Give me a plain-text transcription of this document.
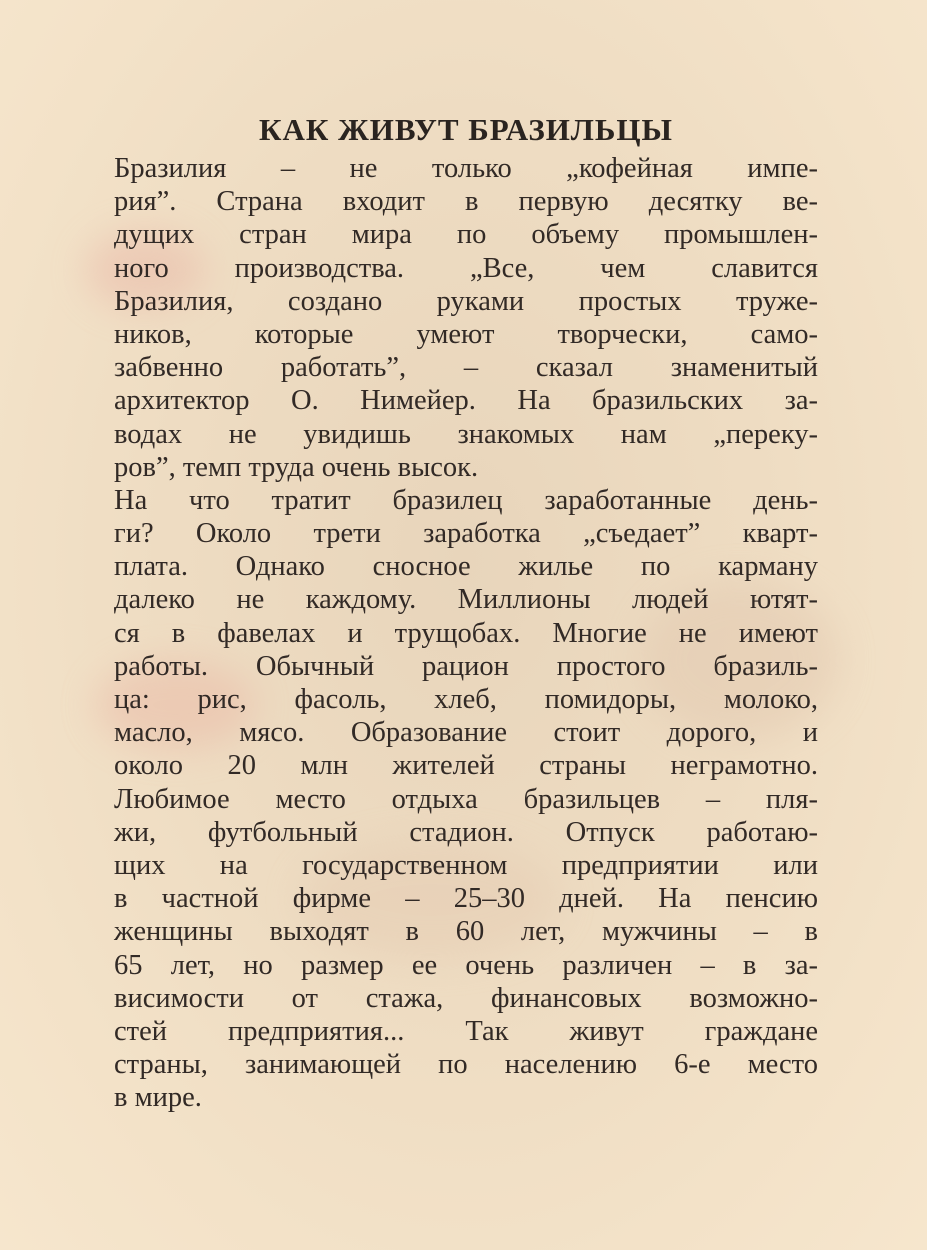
КАК ЖИВУТ БРАЗИЛЬЦЫ
Бразилия – не только „кофейная импе-
рия”. Страна входит в первую десятку ве-
дущих стран мира по объему промышлен-
ного производства. „Все, чем славится
Бразилия, создано руками простых труже-
ников, которые умеют творчески, само-
забвенно работать”, – сказал знаменитый
архитектор О. Нимейер. На бразильских за-
водах не увидишь знакомых нам „переку-
ров”, темп труда очень высок.
На что тратит бразилец заработанные день-
ги? Около трети заработка „съедает” кварт-
плата. Однако сносное жилье по карману
далеко не каждому. Миллионы людей ютят-
ся в фавелах и трущобах. Многие не имеют
работы. Обычный рацион простого бразиль-
ца: рис, фасоль, хлеб, помидоры, молоко,
масло, мясо. Образование стоит дорого, и
около 20 млн жителей страны неграмотно.
Любимое место отдыха бразильцев – пля-
жи, футбольный стадион. Отпуск работаю-
щих на государственном предприятии или
в частной фирме – 25–30 дней. На пенсию
женщины выходят в 60 лет, мужчины – в
65 лет, но размер ее очень различен – в за-
висимости от стажа, финансовых возможно-
стей предприятия... Так живут граждане
страны, занимающей по населению 6-е место
в мире.
